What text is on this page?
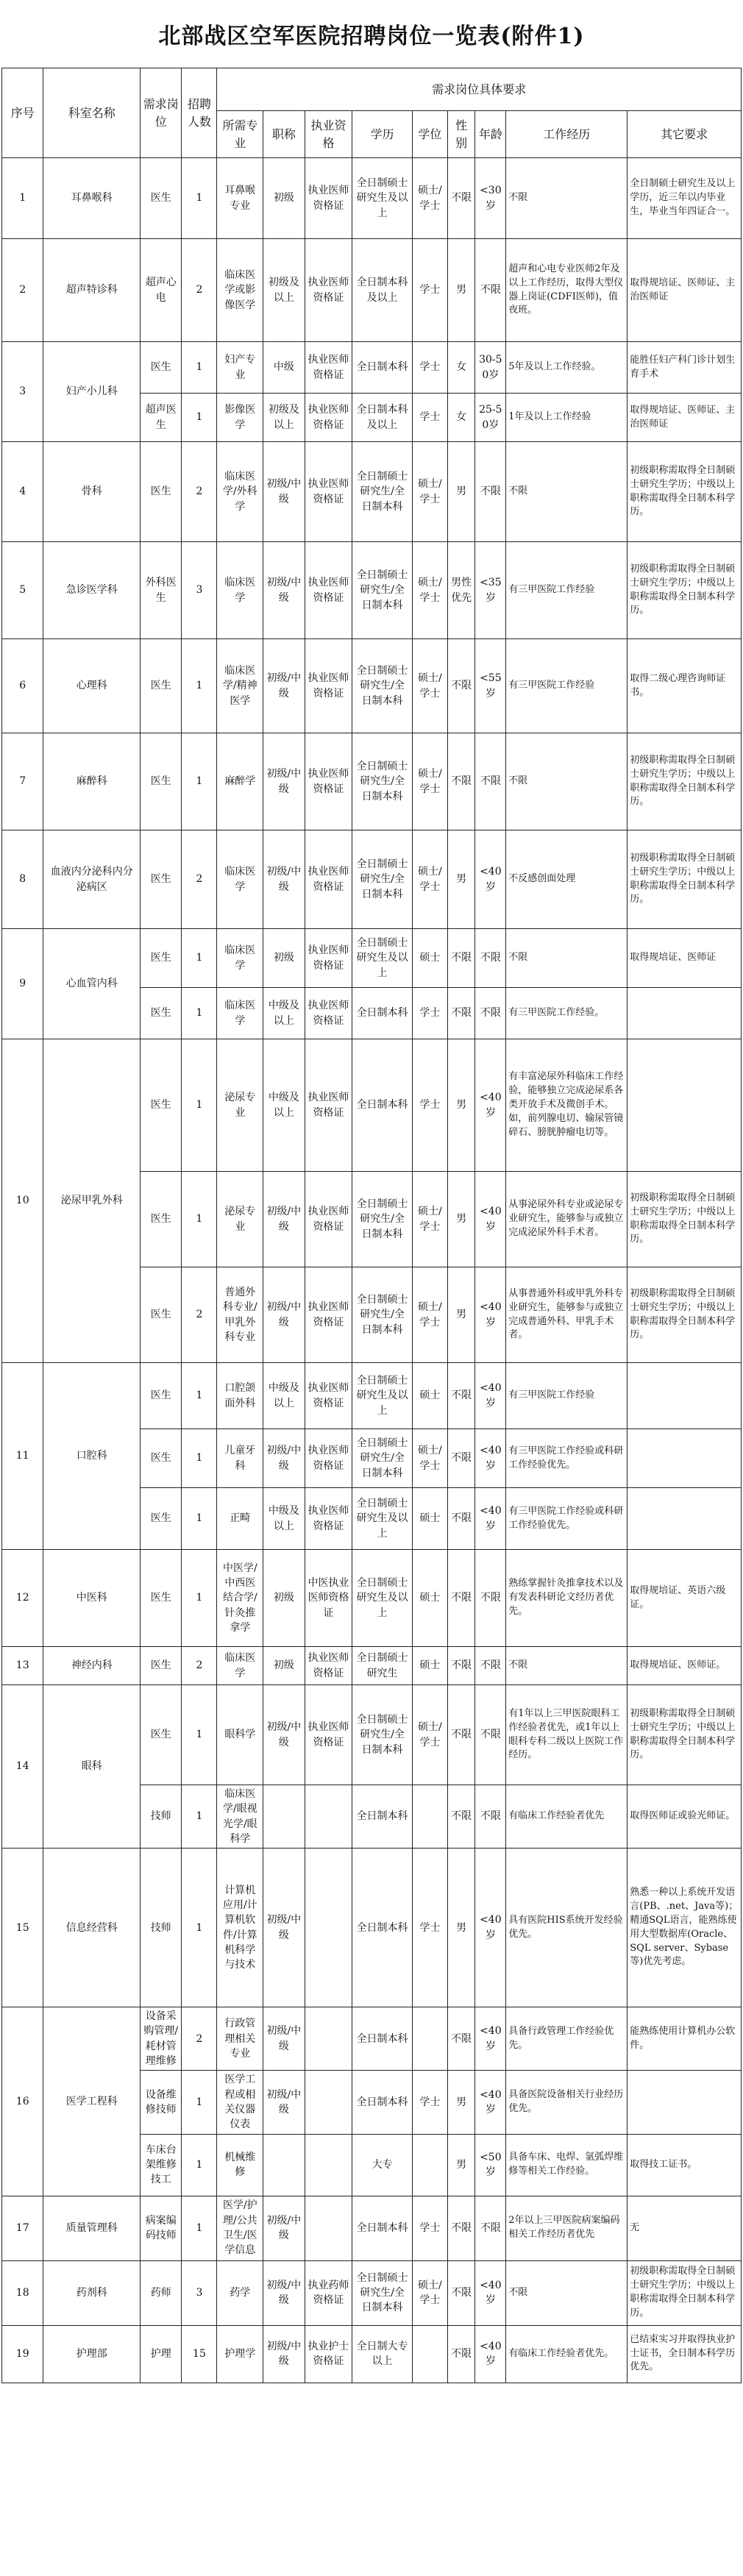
北部战区空军医院招聘岗位一览表(附件1)
序号	科室名称	需求岗位	招聘人数	需求岗位具体要求								
				所需专业	职称	执业资格	学历	学位	性别	年龄	工作经历	其它要求
1	耳鼻喉科	医生	1	耳鼻喉专业	初级	执业医师资格证	全日制硕士研究生及以上	硕士/学士	不限	<30岁	不限	全日制硕士研究生及以上学历，近三年以内毕业生，毕业当年四证合一。
2	超声特诊科	超声心电	2	临床医学或影像医学	初级及以上	执业医师资格证	全日制本科及以上	学士	男	不限	超声和心电专业医师2年及以上工作经历，取得大型仪器上岗证(CDFI医师)，值夜班。	取得规培证、医师证、主治医师证
3	妇产小儿科	医生	1	妇产专业	中级	执业医师资格证	全日制本科	学士	女	30-50岁	5年及以上工作经验。	能胜任妇产科门诊计划生育手术
		超声医生	1	影像医学	初级及以上	执业医师资格证	全日制本科及以上	学士	女	25-50岁	1年及以上工作经验	取得规培证、医师证、主治医师证
4	骨科	医生	2	临床医学/外科学	初级/中级	执业医师资格证	全日制硕士研究生/全日制本科	硕士/学士	男	不限	不限	初级职称需取得全日制硕士研究生学历；中级以上职称需取得全日制本科学历。
5	急诊医学科	外科医生	3	临床医学	初级/中级	执业医师资格证	全日制硕士研究生/全日制本科	硕士/学士	男性优先	<35岁	有三甲医院工作经验	初级职称需取得全日制硕士研究生学历；中级以上职称需取得全日制本科学历。
6	心理科	医生	1	临床医学/精神医学	初级/中级	执业医师资格证	全日制硕士研究生/全日制本科	硕士/学士	不限	<55岁	有三甲医院工作经验	取得二级心理咨询师证书。
7	麻醉科	医生	1	麻醉学	初级/中级	执业医师资格证	全日制硕士研究生/全日制本科	硕士/学士	不限	不限	不限	初级职称需取得全日制硕士研究生学历；中级以上职称需取得全日制本科学历。
8	血液内分泌科内分泌病区	医生	2	临床医学	初级/中级	执业医师资格证	全日制硕士研究生/全日制本科	硕士/学士	男	<40岁	不反感创面处理	初级职称需取得全日制硕士研究生学历；中级以上职称需取得全日制本科学历。
9	心血管内科	医生	1	临床医学	初级	执业医师资格证	全日制硕士研究生及以上	硕士	不限	不限	不限	取得规培证、医师证
		医生	1	临床医学	中级及以上	执业医师资格证	全日制本科	学士	不限	不限	有三甲医院工作经验。	
10	泌尿甲乳外科	医生	1	泌尿专业	中级及以上	执业医师资格证	全日制本科	学士	男	<40岁	有丰富泌尿外科临床工作经验，能够独立完成泌尿系各类开放手术及微创手术。如，前列腺电切、输尿管镜碎石、膀胱肿瘤电切等。	
		医生	1	泌尿专业	初级/中级	执业医师资格证	全日制硕士研究生/全日制本科	硕士/学士	男	<40岁	从事泌尿外科专业或泌尿专业研究生，能够参与或独立完成泌尿外科手术者。	初级职称需取得全日制硕士研究生学历；中级以上职称需取得全日制本科学历。
		医生	2	普通外科专业/甲乳外科专业	初级/中级	执业医师资格证	全日制硕士研究生/全日制本科	硕士/学士	男	<40岁	从事普通外科或甲乳外科专业研究生，能够参与或独立完成普通外科、甲乳手术者。	初级职称需取得全日制硕士研究生学历；中级以上职称需取得全日制本科学历。
11	口腔科	医生	1	口腔颌面外科	中级及以上	执业医师资格证	全日制硕士研究生及以上	硕士	不限	<40岁	有三甲医院工作经验	
		医生	1	儿童牙科	初级/中级	执业医师资格证	全日制硕士研究生/全日制本科	硕士/学士	不限	<40岁	有三甲医院工作经验或科研工作经验优先。	
		医生	1	正畸	中级及以上	执业医师资格证	全日制硕士研究生及以上	硕士	不限	<40岁	有三甲医院工作经验或科研工作经验优先。	
12	中医科	医生	1	中医学/中西医结合学/针灸推拿学	初级	中医执业医师资格证	全日制硕士研究生及以上	硕士	不限	不限	熟练掌握针灸推拿技术以及有发表科研论文经历者优先。	取得规培证、英语六级证。
13	神经内科	医生	2	临床医学	初级	执业医师资格证	全日制硕士研究生	硕士	不限	不限	不限	取得规培证、医师证。
14	眼科	医生	1	眼科学	初级/中级	执业医师资格证	全日制硕士研究生/全日制本科	硕士/学士	不限	不限	有1年以上三甲医院眼科工作经验者优先，或1年以上眼科专科二级以上医院工作经历。	初级职称需取得全日制硕士研究生学历；中级以上职称需取得全日制本科学历。
		技师	1	临床医学/眼视光学/眼科学			全日制本科		不限	不限	有临床工作经验者优先	取得医师证或验光师证。
15	信息经营科	技师	1	计算机应用/计算机软件/计算机科学与技术	初级/中级		全日制本科	学士	男	<40岁	具有医院HIS系统开发经验优先。	熟悉一种以上系统开发语言(PB、.net、Java等)；精通SQL语言，能熟练使用大型数据库(Oracle、SQL server、Sybase等)优先考虑。
16	医学工程科	设备采购管理/耗材管理维修	2	行政管理相关专业	初级/中级		全日制本科		不限	<40岁	具备行政管理工作经验优先。	能熟练使用计算机办公软件。
		设备维修技师	1	医学工程或相关仪器仪表	初级/中级		全日制本科	学士	男	<40岁	具备医院设备相关行业经历优先。	
		车床台架维修技工	1	机械维修			大专		男	<50岁	具备车床、电焊、氩弧焊维修等相关工作经验。	取得技工证书。
17	质量管理科	病案编码技师	1	医学/护理/公共卫生/医学信息	初级/中级		全日制本科	学士	不限	不限	2年以上三甲医院病案编码相关工作经历者优先	无
18	药剂科	药师	3	药学	初级/中级	执业药师资格证	全日制硕士研究生/全日制本科	硕士/学士	不限	<40岁	不限	初级职称需取得全日制硕士研究生学历；中级以上职称需取得全日制本科学历。
19	护理部	护理	15	护理学	初级/中级	执业护士资格证	全日制大专以上		不限	<40岁	有临床工作经验者优先。	已结束实习并取得执业护士证书，全日制本科学历优先。
